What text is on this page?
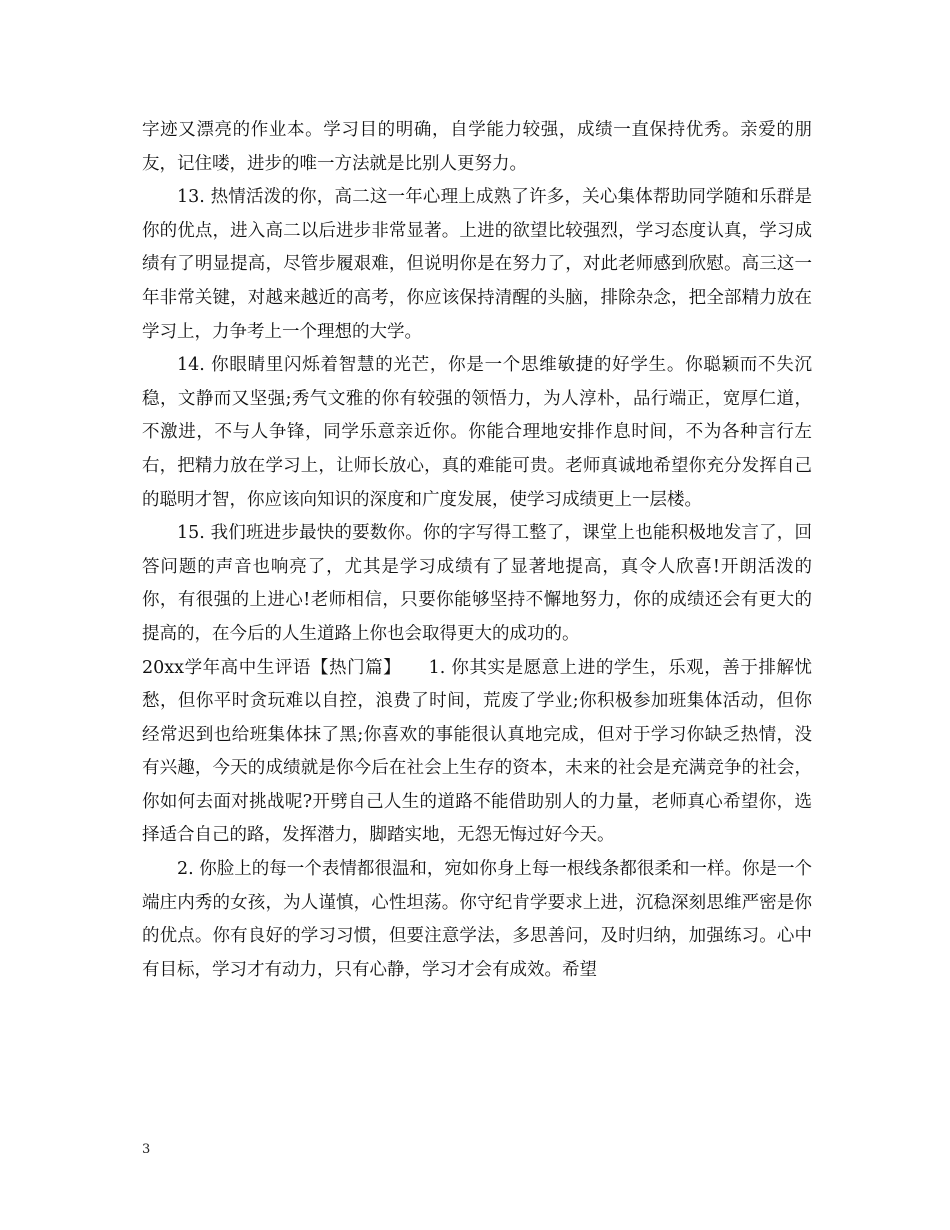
字迹又漂亮的作业本。学习目的明确，自学能力较强，成绩一直保持优秀。亲爱的朋友，记住喽，进步的唯一方法就是比别人更努力。

13. 热情活泼的你，高二这一年心理上成熟了许多，关心集体帮助同学随和乐群是你的优点，进入高二以后进步非常显著。上进的欲望比较强烈，学习态度认真，学习成绩有了明显提高，尽管步履艰难，但说明你是在努力了，对此老师感到欣慰。高三这一年非常关键，对越来越近的高考，你应该保持清醒的头脑，排除杂念，把全部精力放在学习上，力争考上一个理想的大学。

14. 你眼睛里闪烁着智慧的光芒，你是一个思维敏捷的好学生。你聪颖而不失沉稳，文静而又坚强;秀气文雅的你有较强的领悟力，为人淳朴，品行端正，宽厚仁道，不激进，不与人争锋，同学乐意亲近你。你能合理地安排作息时间，不为各种言行左右，把精力放在学习上，让师长放心，真的难能可贵。老师真诚地希望你充分发挥自己的聪明才智，你应该向知识的深度和广度发展，使学习成绩更上一层楼。

15. 我们班进步最快的要数你。你的字写得工整了，课堂上也能积极地发言了，回答问题的声音也响亮了，尤其是学习成绩有了显著地提高，真令人欣喜!开朗活泼的你，有很强的上进心!老师相信，只要你能够坚持不懈地努力，你的成绩还会有更大的提高的，在今后的人生道路上你也会取得更大的成功的。

20xx学年高中生评语【热门篇】　　1. 你其实是愿意上进的学生，乐观，善于排解忧愁，但你平时贪玩难以自控，浪费了时间，荒废了学业;你积极参加班集体活动，但你经常迟到也给班集体抹了黑;你喜欢的事能很认真地完成，但对于学习你缺乏热情，没有兴趣，今天的成绩就是你今后在社会上生存的资本，未来的社会是充满竞争的社会，你如何去面对挑战呢?开劈自己人生的道路不能借助别人的力量，老师真心希望你，选择适合自己的路，发挥潜力，脚踏实地，无怨无悔过好今天。

2. 你脸上的每一个表情都很温和，宛如你身上每一根线条都很柔和一样。你是一个端庄内秀的女孩，为人谨慎，心性坦荡。你守纪肯学要求上进，沉稳深刻思维严密是你的优点。你有良好的学习习惯，但要注意学法，多思善问，及时归纳，加强练习。心中有目标，学习才有动力，只有心静，学习才会有成效。希望

3
